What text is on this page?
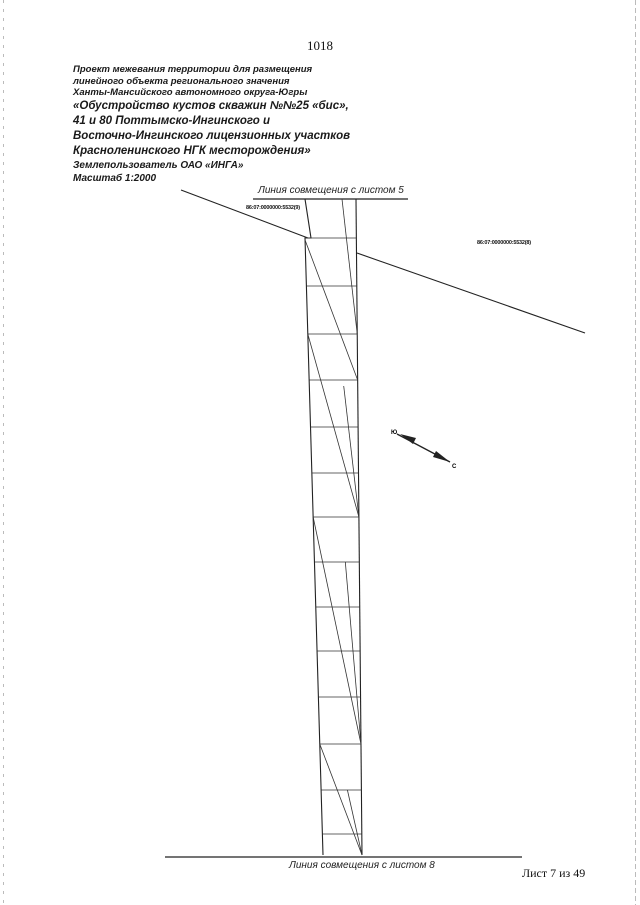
1018
Проект межевания территории для размещения
линейного объекта регионального значения
Ханты-Мансийского автономного округа-Югры
«Обустройство кустов скважин №№25 «бис»,
41 и 80 Поттымско-Ингинского и
Восточно-Ингинского лицензионных участков
Красноленинского НГК месторождения»
Землепользователь ОАО «ИНГА»
Масштаб 1:2000
Ю
С
Линия совмещения с листом 5
86:07:0000000:5532(9)
86:07:0000000:5532(8)
Линия совмещения с листом 8
Лист 7 из 49
